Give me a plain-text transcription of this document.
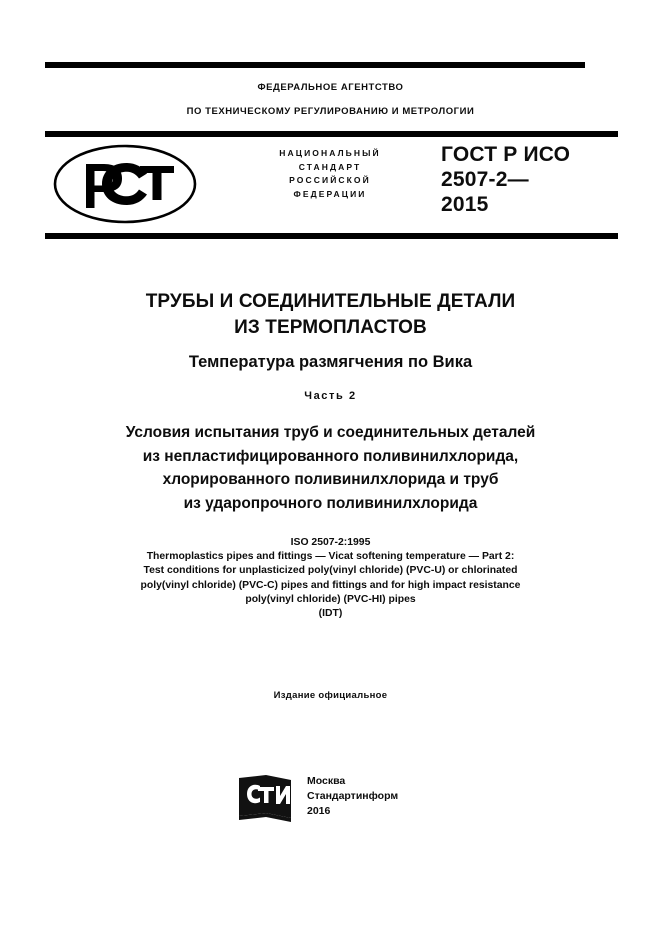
ФЕДЕРАЛЬНОЕ АГЕНТСТВО
ПО ТЕХНИЧЕСКОМУ РЕГУЛИРОВАНИЮ И МЕТРОЛОГИИ
НАЦИОНАЛЬНЫЙ
СТАНДАРТ
РОССИЙСКОЙ
ФЕДЕРАЦИИ
ГОСТ Р ИСО
2507-2—
2015
ТРУБЫ И СОЕДИНИТЕЛЬНЫЕ ДЕТАЛИ
ИЗ ТЕРМОПЛАСТОВ
Температура размягчения по Вика
Часть 2
Условия испытания труб и соединительных деталей
из непластифицированного поливинилхлорида,
хлорированного поливинилхлорида и труб
из ударопрочного поливинилхлорида
ISO 2507-2:1995
Thermoplastics pipes and fittings — Vicat softening temperature — Part 2:
Test conditions for unplasticized poly(vinyl chloride) (PVC-U) or chlorinated
poly(vinyl chloride) (PVC-C) pipes and fittings and for high impact resistance
poly(vinyl chloride) (PVC-HI) pipes
(IDT)
Издание официальное
Москва
Стандартинформ
2016
